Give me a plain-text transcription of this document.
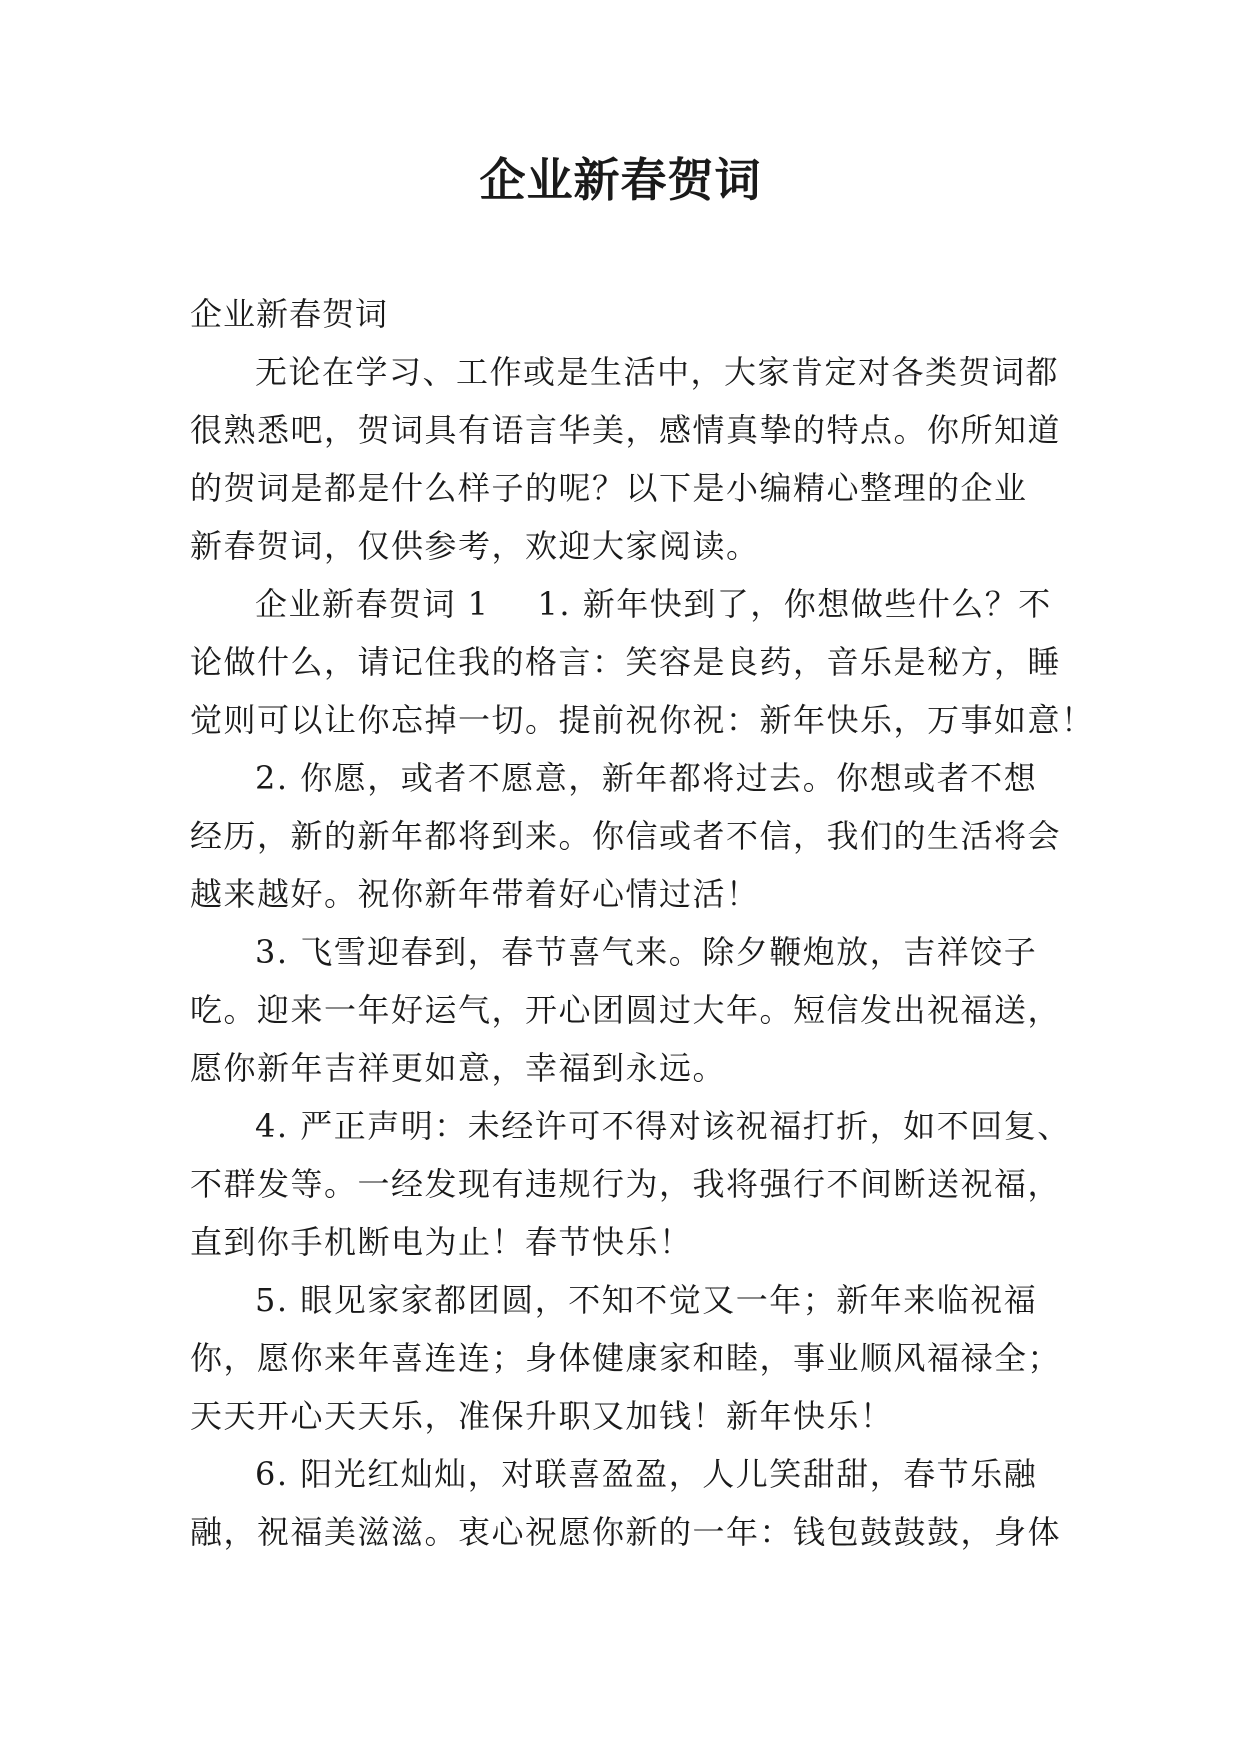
企业新春贺词
企业新春贺词
无论在学习、工作或是生活中，大家肯定对各类贺词都
很熟悉吧，贺词具有语言华美，感情真挚的特点。你所知道
的贺词是都是什么样子的呢？以下是小编精心整理的企业
新春贺词，仅供参考，欢迎大家阅读。
企业新春贺词 1 1. 新年快到了，你想做些什么？不
论做什么，请记住我的格言：笑容是良药，音乐是秘方，睡
觉则可以让你忘掉一切。提前祝你祝：新年快乐，万事如意！
2. 你愿，或者不愿意，新年都将过去。你想或者不想
经历，新的新年都将到来。你信或者不信，我们的生活将会
越来越好。祝你新年带着好心情过活！
3. 飞雪迎春到，春节喜气来。除夕鞭炮放，吉祥饺子
吃。迎来一年好运气，开心团圆过大年。短信发出祝福送，
愿你新年吉祥更如意，幸福到永远。
4. 严正声明：未经许可不得对该祝福打折，如不回复、
不群发等。一经发现有违规行为，我将强行不间断送祝福，
直到你手机断电为止！春节快乐！
5. 眼见家家都团圆，不知不觉又一年；新年来临祝福
你，愿你来年喜连连；身体健康家和睦，事业顺风福禄全；
天天开心天天乐，准保升职又加钱！新年快乐！
6. 阳光红灿灿，对联喜盈盈，人儿笑甜甜，春节乐融
融，祝福美滋滋。衷心祝愿你新的一年：钱包鼓鼓鼓，身体
